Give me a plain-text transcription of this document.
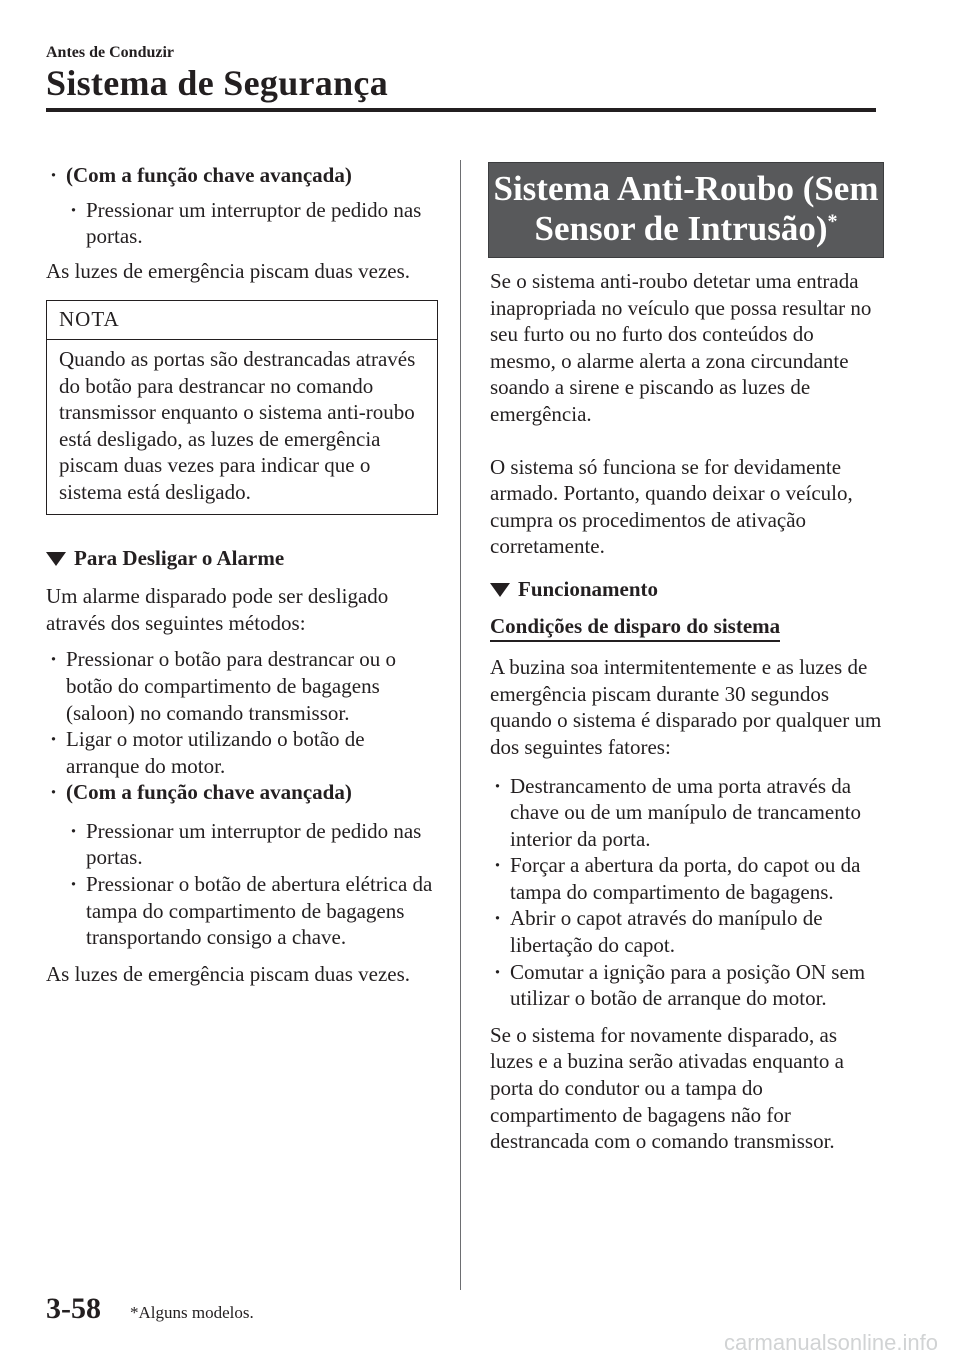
Antes de Conduzir
Sistema de Segurança
· (Com a função chave avançada)
· Pressionar um interruptor de pedido nas portas.

As luzes de emergência piscam duas vezes.

NOTA
Quando as portas são destrancadas através do botão para destrancar no comando transmissor enquanto o sistema anti-roubo está desligado, as luzes de emergência piscam duas vezes para indicar que o sistema está desligado.
Para Desligar o Alarme

Um alarme disparado pode ser desligado através dos seguintes métodos:

· Pressionar o botão para destrancar ou o botão do compartimento de bagagens (saloon) no comando transmissor.
· Ligar o motor utilizando o botão de arranque do motor.
· (Com a função chave avançada)
· Pressionar um interruptor de pedido nas portas.
· Pressionar o botão de abertura elétrica da tampa do compartimento de bagagens transportando consigo a chave.

As luzes de emergência piscam duas vezes.

Sistema Anti-Roubo (Sem
Sensor de Intrusão)*

Se o sistema anti-roubo detetar uma entrada inapropriada no veículo que possa resultar no seu furto ou no furto dos conteúdos do mesmo, o alarme alerta a zona circundante soando a sirene e piscando as luzes de emergência.

O sistema só funciona se for devidamente armado. Portanto, quando deixar o veículo, cumpra os procedimentos de ativação corretamente.

Funcionamento
Condições de disparo do sistema

A buzina soa intermitentemente e as luzes de emergência piscam durante 30 segundos quando o sistema é disparado por qualquer um dos seguintes fatores:

· Destrancamento de uma porta através da chave ou de um manípulo de trancamento interior da porta.
· Forçar a abertura da porta, do capot ou da tampa do compartimento de bagagens.
· Abrir o capot através do manípulo de libertação do capot.
· Comutar a ignição para a posição ON sem utilizar o botão de arranque do motor.

Se o sistema for novamente disparado, as luzes e a buzina serão ativadas enquanto a porta do condutor ou a tampa do compartimento de bagagens não for destrancada com o comando transmissor.

3-58 *Alguns modelos.
carmanualsonline.info
